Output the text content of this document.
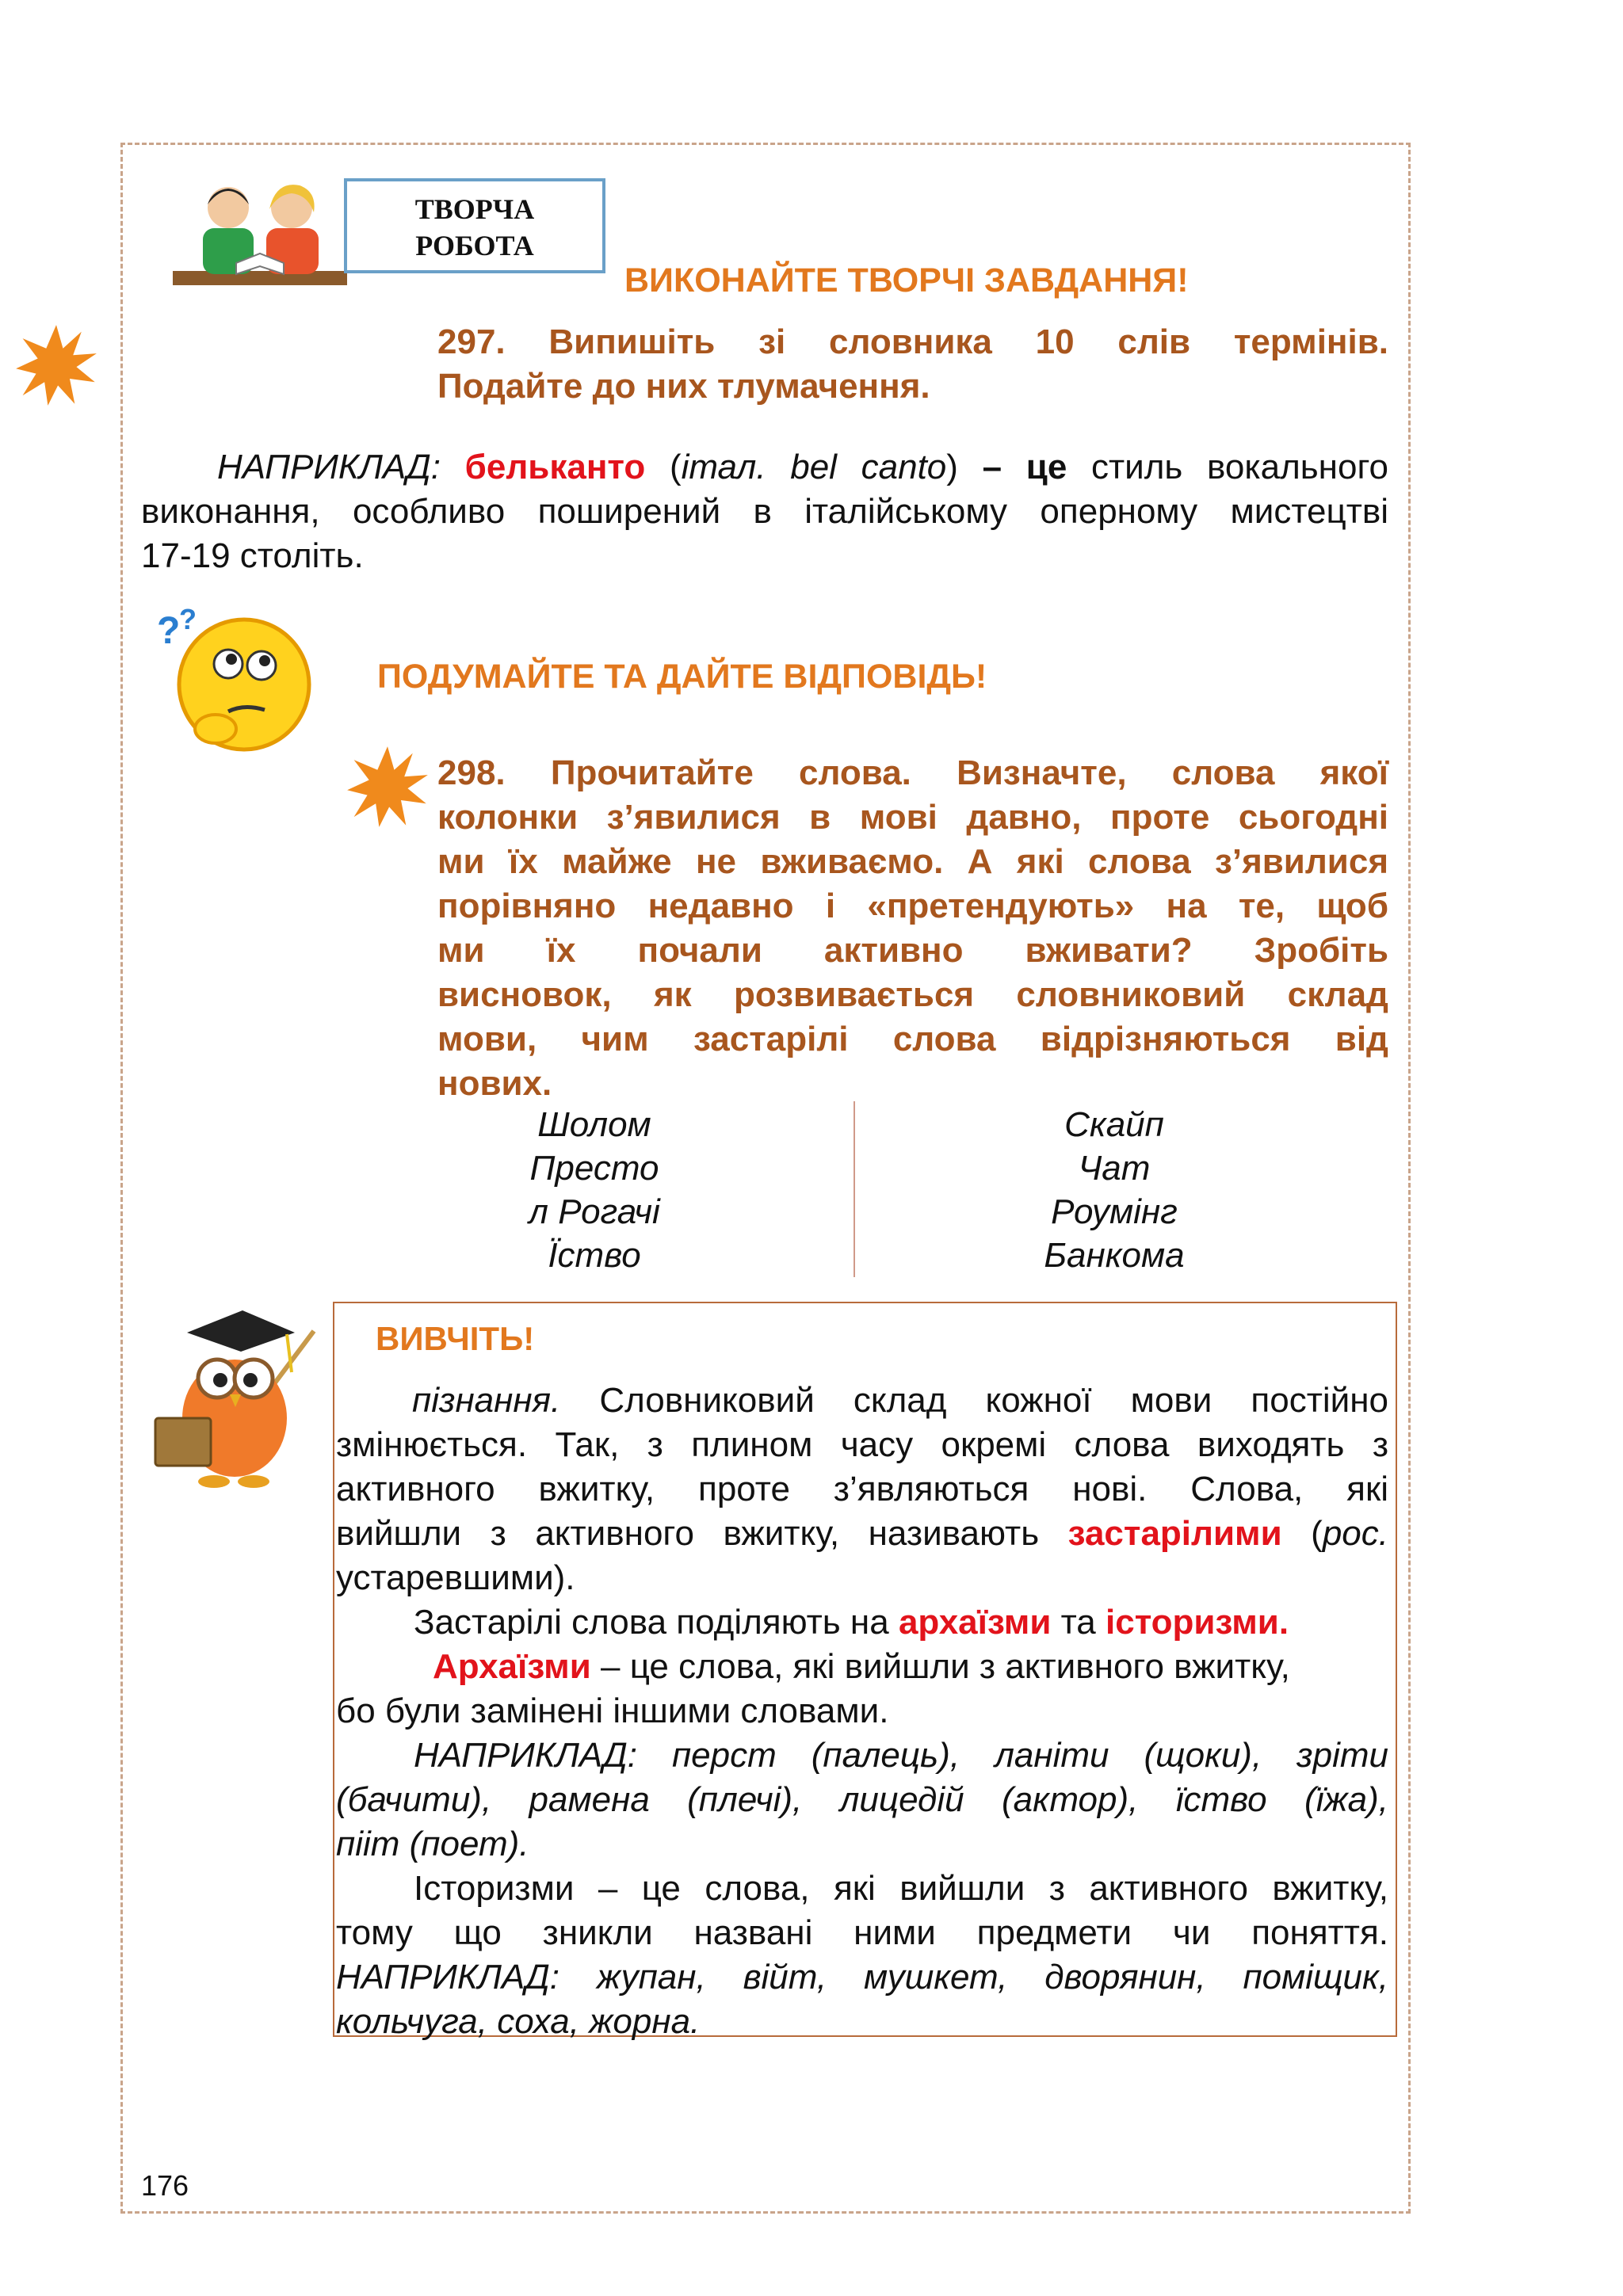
ТВОРЧА
РОБОТА
ВИКОНАЙТЕ ТВОРЧІ ЗАВДАННЯ!
297. Випишіть зі словника 10 слів термінів.
Подайте до них тлумачення.
НАПРИКЛАД: бельканто (італ. bel canto) – це стиль вокального
виконання, особливо поширений в італійському оперному мистецтві
17-19 століть.
?
?
ПОДУМАЙТЕ ТА ДАЙТЕ ВІДПОВІДЬ!
298. Прочитайте слова. Визначте, слова якої
колонки з’явилися в мові давно, проте сьогодні
ми їх майже не вживаємо. А які слова з’явилися
порівняно недавно і «претендують» на те, щоб
ми їх почали активно вживати? Зробіть
висновок, як розвивається словниковий склад
мови, чим застарілі слова відрізняються від
нових.
Шолом
Престо
л Рогачі
Їство
Скайп
Чат
Роумінг
Банкома
ВИВЧІТЬ!
пізнання. Словниковий склад кожної мови постійно
змінюється. Так, з плином часу окремі слова виходять з
активного вжитку, проте з’являються нові. Слова, які
вийшли з активного вжитку, називають застарілими (рос.
устаревшими).
Застарілі слова поділяють на архаїзми та історизми.
Архаїзми – це слова, які вийшли з активного вжитку,
бо були замінені іншими словами.
НАПРИКЛАД: перст (палець), ланіти (щоки), зріти
(бачити), рамена (плечі), лицедій (актор), їство (їжа),
пііт (поет).
Історизми – це слова, які вийшли з активного вжитку,
тому що зникли названі ними предмети чи поняття.
НАПРИКЛАД: жупан, війт, мушкет, дворянин, поміщик,
кольчуга, соха, жорна.
176
